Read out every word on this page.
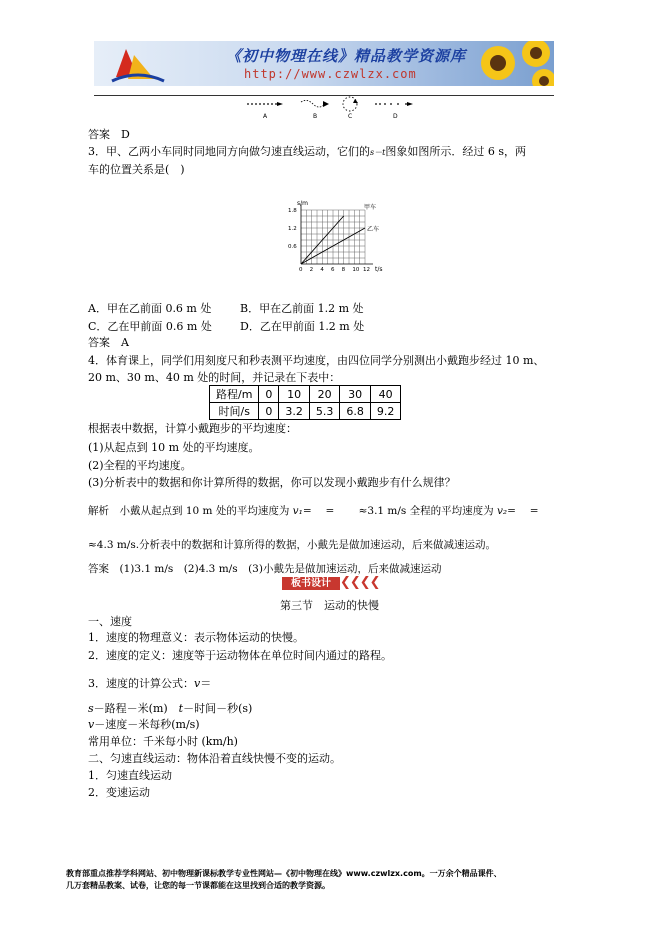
《初中物理在线》精品教学资源库
http://www.czwlzx.com
A	B	C	D
答案　D
3．甲、乙两小车同时同地同方向做匀速直线运动，它们的s－t图象如图所示．经过 6 s，两
车的位置关系是(　)
s/m
0 2 4 6 8 10 12
1.8
1.2
0.6
甲车
乙车
t/s
A．甲在乙前面 0.6 m 处	B．甲在乙前面 1.2 m 处
C．乙在甲前面 0.6 m 处	D．乙在甲前面 1.2 m 处
答案　A
4．体育课上，同学们用刻度尺和秒表测平均速度，由四位同学分别测出小戴跑步经过 10 m、
20 m、30 m、40 m 处的时间，并记录在下表中：
路程/m	0	10	20	30	40
时间/s	0	3.2	5.3	6.8	9.2
根据表中数据，计算小戴跑步的平均速度：
(1)从起点到 10 m 处的平均速度。
(2)全程的平均速度。
(3)分析表中的数据和你计算所得的数据，你可以发现小戴跑步有什么规律？
解析　小戴从起点到 10 m 处的平均速度为 v₁=　 =　　 ≈3.1 m/s 全程的平均速度为 v₂=　 =
≈4.3 m/s.分析表中的数据和计算所得的数据，小戴先是做加速运动，后来做减速运动。
答案　(1)3.1 m/s　(2)4.3 m/s　(3)小戴先是做加速运动，后来做减速运动
板书设计 ❮❮❮❮
第三节　运动的快慢
一、速度
1．速度的物理意义：表示物体运动的快慢。
2．速度的定义：速度等于运动物体在单位时间内通过的路程。
3．速度的计算公式：v＝
s－路程－米(m)　t－时间－秒(s)
v－速度－米每秒(m/s)
常用单位：千米每小时 (km/h)
二、匀速直线运动：物体沿着直线快慢不变的运动。
1．匀速直线运动
2．变速运动
教育部重点推荐学科网站、初中物理新课标教学专业性网站—《初中物理在线》www.czwlzx.com。一万余个精品课件、
几万套精品教案、试卷，让您的每一节课都能在这里找到合适的教学资源。
